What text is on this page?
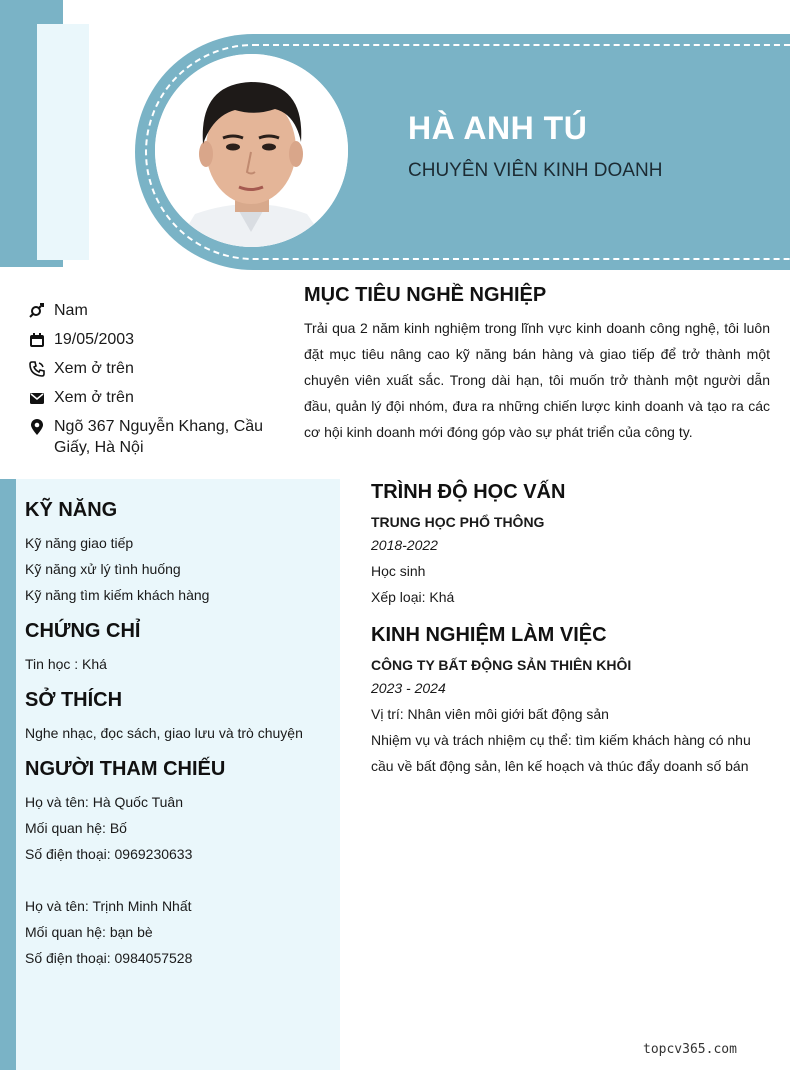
HÀ ANH TÚ
CHUYÊN VIÊN KINH DOANH
Nam
19/05/2003
Xem ở trên
Xem ở trên
Ngõ 367 Nguyễn Khang, Cầu Giấy, Hà Nội
MỤC TIÊU NGHỀ NGHIỆP

Trải qua 2 năm kinh nghiệm trong lĩnh vực kinh doanh công nghệ, tôi luôn đặt mục tiêu nâng cao kỹ năng bán hàng và giao tiếp để trở thành một chuyên viên xuất sắc. Trong dài hạn, tôi muốn trở thành một người dẫn đầu, quản lý đội nhóm, đưa ra những chiến lược kinh doanh và tạo ra các cơ hội kinh doanh mới đóng góp vào sự phát triển của công ty.

KỸ NĂNG
Kỹ năng giao tiếp
Kỹ năng xử lý tình huống
Kỹ năng tìm kiếm khách hàng
CHỨNG CHỈ
Tin học : Khá
SỞ THÍCH
Nghe nhạc, đọc sách, giao lưu và trò chuyện
NGƯỜI THAM CHIẾU
Họ và tên: Hà Quốc Tuân
Mối quan hệ: Bố
Số điện thoại: 0969230633
Họ và tên: Trịnh Minh Nhất
Mối quan hệ: bạn bè
Số điện thoại: 0984057528
TRÌNH ĐỘ HỌC VẤN
TRUNG HỌC PHỔ THÔNG
2018-2022
Học sinh
Xếp loại: Khá
KINH NGHIỆM LÀM VIỆC
CÔNG TY BẤT ĐỘNG SẢN THIÊN KHÔI
2023 - 2024
Vị trí: Nhân viên môi giới bất động sản
Nhiệm vụ và trách nhiệm cụ thể: tìm kiếm khách hàng có nhu cầu về bất động sản, lên kế hoạch và thúc đẩy doanh số bán
topcv365.com
